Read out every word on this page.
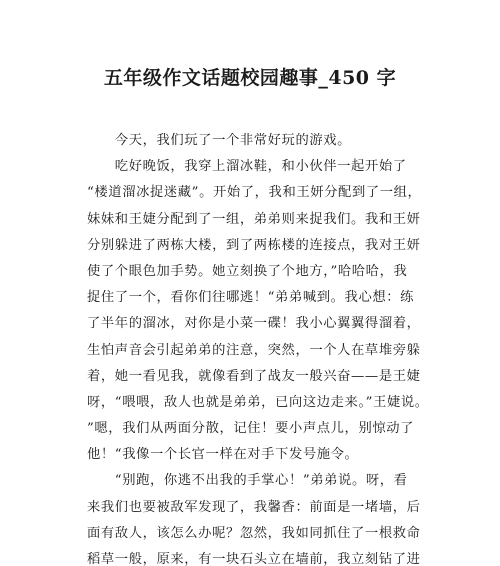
五年级作文话题校园趣事_450 字
　　今天，我们玩了一个非常好玩的游戏。
　　吃好晚饭，我穿上溜冰鞋，和小伙伴一起开始了
“楼道溜冰捉迷藏”。开始了，我和王妍分配到了一组，
妹妹和王婕分配到了一组，弟弟则来捉我们。我和王妍
分别躲进了两栋大楼，到了两栋楼的连接点，我对王妍
使了个眼色加手势。她立刻换了个地方，”哈哈哈，我
捉住了一个，看你们往哪逃！“弟弟喊到。我心想：练
了半年的溜冰，对你是小菜一碟！我小心翼翼得溜着，
生怕声音会引起弟弟的注意，突然，一个人在草堆旁躲
着，她一看见我，就像看到了战友一般兴奋——是王婕
呀，“喂喂，敌人也就是弟弟，已向这边走来。”王婕说。
”嗯，我们从两面分散，记住！要小声点儿，别惊动了
他！“我像一个长官一样在对手下发号施令。
　　“别跑，你逃不出我的手掌心！”弟弟说。呀，看
来我们也要被敌军发现了，我馨香：前面是一堵墙，后
面有敌人，该怎么办呢？忽然，我如同抓住了一根救命
稻草一般，原来，有一块石头立在墙前，我立刻钻了进
